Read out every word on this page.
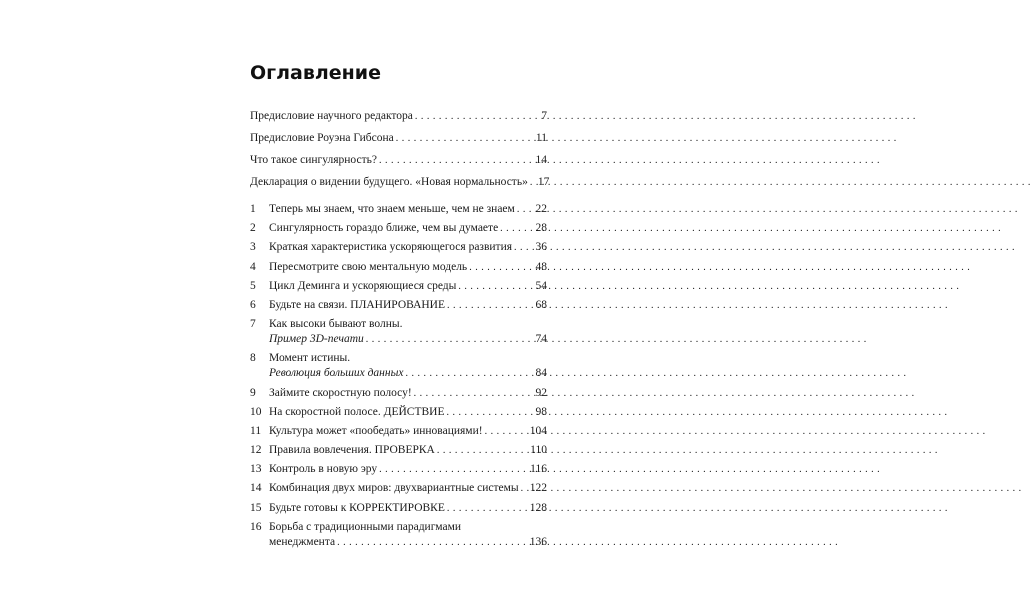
Оглавление
Предисловие научного редактора . . .	7
Предисловие Роуэна Гибсона . . .	11
Что такое сингулярность? . . .	14
Декларация о видении будущего. «Новая нормальность» . . . 17
1	Теперь мы знаем, что знаем меньше, чем не знаем . . . 22
2	Сингулярность гораздо ближе, чем вы думаете . . .	28
3	Краткая характеристика ускоряющегося развития . . . 36
4	Пересмотрите свою ментальную модель . . .	48
5	Цикл Деминга и ускоряющиеся среды . . .	54
6	Будьте на связи. ПЛАНИРОВАНИЕ . . .	68
7	Как высоки бывают волны.
Пример 3D-печати . . .	74
8	Момент истины.
Революция больших данных . . .	84
9	Займите скоростную полосу! . . .	92
10 На скоростной полосе. ДЕЙСТВИЕ . . .	98
11 Культура может «пообедать» инновациями! . . .	104
12 Правила вовлечения. ПРОВЕРКА . . .	110
13 Контроль в новую эру . . .	116
14 Комбинация двух миров: двухвариантные системы . . . 122
15 Будьте готовы к КОРРЕКТИРОВКЕ . . .	128
16 Борьба с традиционными парадигмами
менеджмента . . .	136
